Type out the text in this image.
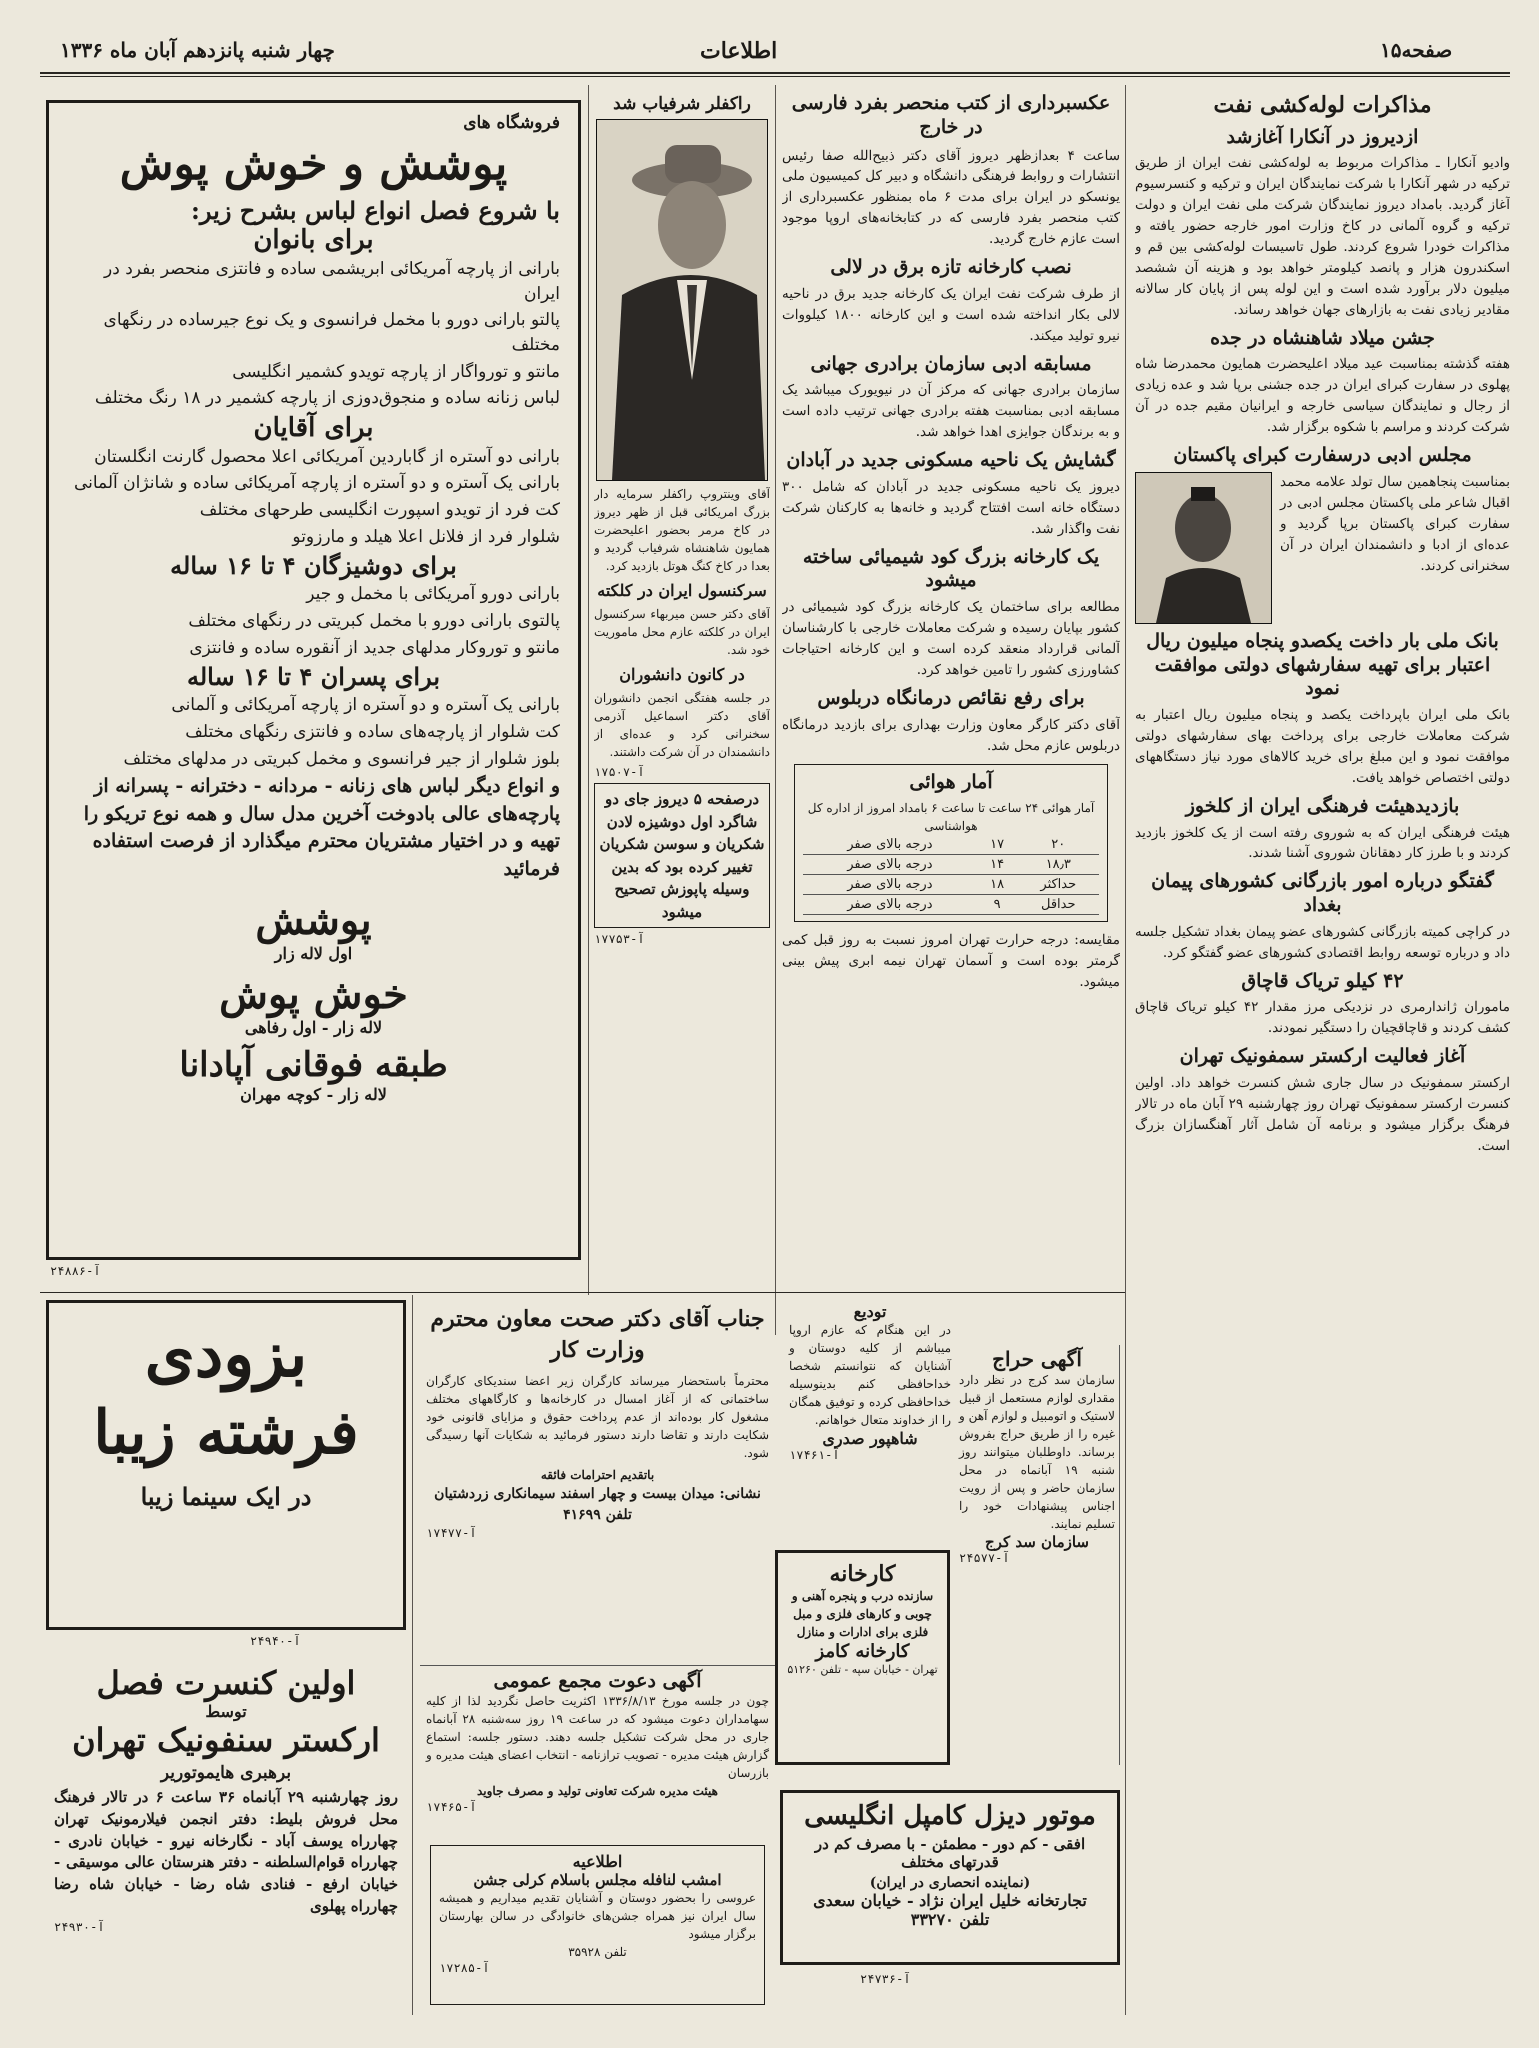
صفحه۱۵
اطلاعات
چهار شنبه پانزدهم آبان ماه ۱۳۳۶
مذاکرات لوله‌کشی نفت
ازدیروز در آنکارا آغازشد
وادیو آنکارا ـ مذاکرات مربوط به لوله‌کشی نفت ایران از طریق ترکیه در شهر آنکارا با شرکت نمایندگان ایران و ترکیه و کنسرسیوم آغاز گردید. بامداد دیروز نمایندگان شرکت ملی نفت ایران و دولت ترکیه و گروه آلمانی در کاخ وزارت امور خارجه حضور یافته و مذاکرات خودرا شروع کردند. طول تاسیسات لوله‌کشی بین قم و اسکندرون هزار و پانصد کیلومتر خواهد بود و هزینه آن ششصد میلیون دلار برآورد شده است و این لوله پس از پایان کار سالانه مقادیر زیادی نفت به بازارهای جهان خواهد رساند.
جشن میلاد شاهنشاه در جده
هفته گذشته بمناسبت عید میلاد اعلیحضرت همایون محمدرضا شاه پهلوی در سفارت کبرای ایران در جده جشنی برپا شد و عده زیادی از رجال و نمایندگان سیاسی خارجه و ایرانیان مقیم جده در آن شرکت کردند و مراسم با شکوه برگزار شد.
مجلس ادبی درسفارت کبرای پاکستان
بمناسبت پنجاهمین سال تولد علامه محمد اقبال شاعر ملی پاکستان مجلس ادبی در سفارت کبرای پاکستان برپا گردید و عده‌ای از ادبا و دانشمندان ایران در آن سخنرانی کردند.
بانک ملی بار داخت یکصدو پنجاه میلیون ریال اعتبار برای تهیه سفارشهای دولتی موافقت نمود
بانک ملی ایران باپرداخت یکصد و پنجاه میلیون ریال اعتبار به شرکت معاملات خارجی برای پرداخت بهای سفارشهای دولتی موافقت نمود و این مبلغ برای خرید کالاهای مورد نیاز دستگاههای دولتی اختصاص خواهد یافت.
بازدیدهیئت فرهنگی ایران از کلخوز
هیئت فرهنگی ایران که به شوروی رفته است از یک کلخوز بازدید کردند و با طرز کار دهقانان شوروی آشنا شدند.
گفتگو درباره امور بازرگانی کشورهای پیمان بغداد
در کراچی کمیته بازرگانی کشورهای عضو پیمان بغداد تشکیل جلسه داد و درباره توسعه روابط اقتصادی کشورهای عضو گفتگو کرد.
۴۲ کیلو تریاک قاچاق
ماموران ژاندارمری در نزدیکی مرز مقدار ۴۲ کیلو تریاک قاچاق کشف کردند و قاچاقچیان را دستگیر نمودند.
آغاز فعالیت ارکستر سمفونیک تهران
ارکستر سمفونیک در سال جاری شش کنسرت خواهد داد. اولین کنسرت ارکستر سمفونیک تهران روز چهارشنبه ۲۹ آبان ماه در تالار فرهنگ برگزار میشود و برنامه آن شامل آثار آهنگسازان بزرگ است.
عکسبرداری از کتب منحصر بفرد فارسی در خارج
ساعت ۴ بعدازظهر دیروز آقای دکتر ذبیح‌الله صفا رئیس انتشارات و روابط فرهنگی دانشگاه و دبیر کل کمیسیون ملی یونسکو در ایران برای مدت ۶ ماه بمنظور عکسبرداری از کتب منحصر بفرد فارسی که در کتابخانه‌های اروپا موجود است عازم خارج گردید.
نصب کارخانه تازه برق در لالی
از طرف شرکت نفت ایران یک کارخانه جدید برق در ناحیه لالی بکار انداخته شده است و این کارخانه ۱۸۰۰ کیلووات نیرو تولید میکند.
مسابقه ادبی سازمان برادری جهانی
سازمان برادری جهانی که مرکز آن در نیویورک میباشد یک مسابقه ادبی بمناسبت هفته برادری جهانی ترتیب داده است و به برندگان جوایزی اهدا خواهد شد.
گشایش یک ناحیه مسکونی جدید در آبادان
دیروز یک ناحیه مسکونی جدید در آبادان که شامل ۳۰۰ دستگاه خانه است افتتاح گردید و خانه‌ها به کارکنان شرکت نفت واگذار شد.
یک کارخانه بزرگ کود شیمیائی ساخته میشود
مطالعه برای ساختمان یک کارخانه بزرگ کود شیمیائی در کشور بپایان رسیده و شرکت معاملات خارجی با کارشناسان آلمانی قرارداد منعقد کرده است و این کارخانه احتیاجات کشاورزی کشور را تامین خواهد کرد.
برای رفع نقائص درمانگاه دربلوس
آقای دکتر کارگر معاون وزارت بهداری برای بازدید درمانگاه دربلوس عازم محل شد.
آمار هوائی
آمار هوائی ۲۴ ساعت تا ساعت ۶ بامداد امروز از اداره کل هواشناسی
۲۰	۱۷	درجه بالای صفر
۱۸٫۳	۱۴	درجه بالای صفر
حداکثر	۱۸	درجه بالای صفر
حداقل	۹	درجه بالای صفر
مقایسه: درجه حرارت تهران امروز نسبت به روز قبل کمی گرمتر بوده است و آسمان تهران نیمه ابری پیش بینی میشود.
راکفلر شرفیاب شد
آقای وینتروپ راکفلر سرمایه دار بزرگ امریکائی قبل از ظهر دیروز در کاخ مرمر بحضور اعلیحضرت همایون شاهنشاه شرفیاب گردید و بعدا در کاخ کنگ هوتل بازدید کرد.
سرکنسول ایران در کلکته
آقای دکتر حسن میربهاء سرکنسول ایران در کلکته عازم محل ماموریت خود شد.
در کانون دانشوران
در جلسه هفتگی انجمن دانشوران آقای دکتر اسماعیل آذرمی سخنرانی کرد و عده‌ای از دانشمندان در آن شرکت داشتند.
آ-۱۷۵۰۷
درصفحه ۵ دیروز جای دو شاگرد اول دوشیزه لادن شکریان و سوسن شکریان تغییر کرده بود که بدین وسیله پاپوزش تصحیح میشود
آ-۱۷۷۵۳
فروشگاه های
پوشش و خوش پوش
با شروع فصل انواع لباس بشرح زیر:
برای بانوان
بارانی از پارچه آمریکائی ابریشمی ساده و فانتزی منحصر بفرد در ایران
پالتو بارانی دورو با مخمل فرانسوی و یک نوع جیرساده در رنگهای مختلف
مانتو و تورواگار از پارچه تویدو کشمیر انگلیسی
لباس زنانه ساده و منجوق‌دوزی از پارچه کشمیر در ۱۸ رنگ مختلف
برای آقایان
بارانی دو آستره از گاباردین آمریکائی اعلا محصول گارنت انگلستان
بارانی یک آستره و دو آستره از پارچه آمریکائی ساده و شانژان آلمانی
کت فرد از تویدو اسپورت انگلیسی طرحهای مختلف
شلوار فرد از فلانل اعلا هیلد و مارزوتو
برای دوشیزگان ۴ تا ۱۶ ساله
بارانی دورو آمریکائی با مخمل و جیر
پالتوی بارانی دورو با مخمل کبریتی در رنگهای مختلف
مانتو و توروکار مدلهای جدید از آنقوره ساده و فانتزی
برای پسران ۴ تا ۱۶ ساله
بارانی یک آستره و دو آستره از پارچه آمریکائی و آلمانی
کت شلوار از پارچه‌های ساده و فانتزی رنگهای مختلف
بلوز شلوار از جیر فرانسوی و مخمل کبریتی در مدلهای مختلف
و انواع دیگر لباس های زنانه - مردانه - دخترانه - پسرانه از پارچه‌های عالی بادوخت آخرین مدل سال و همه نوع تریکو را تهیه و در اختیار مشتریان محترم میگذارد از فرصت استفاده فرمائید
پوشش
اول لاله زار
خوش پوش
لاله زار - اول رفاهی
طبقه فوقانی آپادانا
لاله زار - کوچه مهران
آ-۲۴۸۸۶
بزودی
فرشته زیبا
در ایک سینما زیبا
آ-۲۴۹۴۰
اولین کنسرت فصل
توسط
ارکستر سنفونیک تهران
برهبری هایموتوریر
روز چهارشنبه ۲۹ آبانماه ۳۶ ساعت ۶ در تالار فرهنگ محل فروش بلیط: دفتر انجمن فیلارمونیک تهران چهارراه یوسف آباد - نگارخانه نیرو - خیابان نادری - چهارراه قوام‌السلطنه - دفتر هنرستان عالی موسیقی - خیابان ارفع - فنادی شاه رضا - خیابان شاه رضا چهارراه پهلوی
آ-۲۴۹۳۰
جناب آقای دکتر صحت معاون محترم وزارت کار
محترماً باستحضار میرساند کارگران زیر اعضا سندیکای کارگران ساختمانی که از آغاز امسال در کارخانه‌ها و کارگاههای مختلف مشغول کار بوده‌اند از عدم پرداخت حقوق و مزایای قانونی خود شکایت دارند و تقاضا دارند دستور فرمائید به شکایات آنها رسیدگی شود.
باتقدیم احترامات فائقه
نشانی: میدان بیست و چهار اسفند سیمانکاری زردشتیان تلفن ۴۱۶۹۹
آ-۱۷۴۷۷
آگهی دعوت مجمع عمومی
چون در جلسه مورخ ۱۳۳۶/۸/۱۳ اکثریت حاصل نگردید لذا از کلیه سهامداران دعوت میشود که در ساعت ۱۹ روز سه‌شنبه ۲۸ آبانماه جاری در محل شرکت تشکیل جلسه دهند. دستور جلسه: استماع گزارش هیئت مدیره - تصویب ترازنامه - انتخاب اعضای هیئت مدیره و بازرسان
هیئت مدیره شرکت تعاونی تولید و مصرف جاوید
آ-۱۷۴۶۵
اطلاعیه
امشب لنافله مجلس باسلام کرلی جشن
عروسی را بحضور دوستان و آشنایان تقدیم میداریم و همیشه سال ایران نیز همراه جشن‌های خانوادگی در سالن بهارستان برگزار میشود
تلفن ۳۵۹۲۸
آ-۱۷۲۸۵
توديع
در این هنگام که عازم اروپا میباشم از کلیه دوستان و آشنایان که نتوانستم شخصا خداحافظی کنم بدینوسیله خداحافظی کرده و توفیق همگان را از خداوند متعال خواهانم.
شاهپور صدری
آ-۱۷۴۶۱
آگهی حراج
سازمان سد کرج در نظر دارد مقداری لوازم مستعمل از قبیل لاستیک و اتومبیل و لوازم آهن و غیره را از طریق حراج بفروش برساند. داوطلبان میتوانند روز شنبه ۱۹ آبانماه در محل سازمان حاضر و پس از رویت اجناس پیشنهادات خود را تسلیم نمایند.
سازمان سد کرج
آ-۲۴۵۷۷
کارخانه
سازنده درب و پنجره آهنی و چوبی و کارهای فلزی و مبل فلزی برای ادارات و منازل
کارخانه کامز
تهران - خیابان سپه - تلفن ۵۱۲۶۰
موتور دیزل کامپل انگلیسی
افقی - کم دور - مطمئن - با مصرف کم در قدرتهای مختلف
(نماینده انحصاری در ایران)
تجارتخانه خلیل ایران نژاد - خیابان سعدی
تلفن ۳۳۲۷۰
آ-۲۴۷۳۶
